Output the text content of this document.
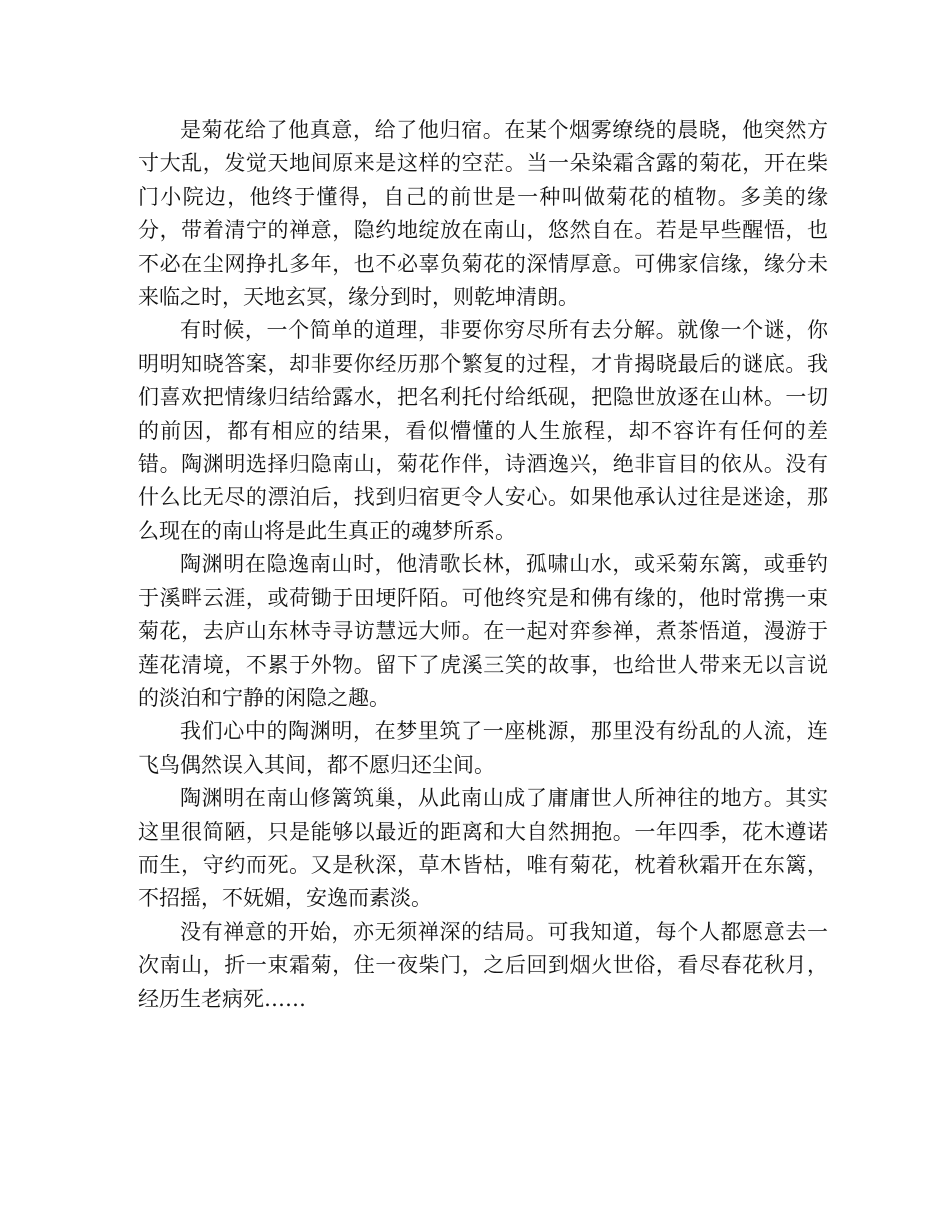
是菊花给了他真意，给了他归宿。在某个烟雾缭绕的晨晓，他突然方寸大乱，发觉天地间原来是这样的空茫。当一朵染霜含露的菊花，开在柴门小院边，他终于懂得，自己的前世是一种叫做菊花的植物。多美的缘分，带着清宁的禅意，隐约地绽放在南山，悠然自在。若是早些醒悟，也不必在尘网挣扎多年，也不必辜负菊花的深情厚意。可佛家信缘，缘分未来临之时，天地玄冥，缘分到时，则乾坤清朗。

有时候，一个简单的道理，非要你穷尽所有去分解。就像一个谜，你明明知晓答案，却非要你经历那个繁复的过程，才肯揭晓最后的谜底。我们喜欢把情缘归结给露水，把名利托付给纸砚，把隐世放逐在山林。一切的前因，都有相应的结果，看似懵懂的人生旅程，却不容许有任何的差错。陶渊明选择归隐南山，菊花作伴，诗酒逸兴，绝非盲目的依从。没有什么比无尽的漂泊后，找到归宿更令人安心。如果他承认过往是迷途，那么现在的南山将是此生真正的魂梦所系。

陶渊明在隐逸南山时，他清歌长林，孤啸山水，或采菊东篱，或垂钓于溪畔云涯，或荷锄于田埂阡陌。可他终究是和佛有缘的，他时常携一束菊花，去庐山东林寺寻访慧远大师。在一起对弈参禅，煮茶悟道，漫游于莲花清境，不累于外物。留下了虎溪三笑的故事，也给世人带来无以言说的淡泊和宁静的闲隐之趣。

我们心中的陶渊明，在梦里筑了一座桃源，那里没有纷乱的人流，连飞鸟偶然误入其间，都不愿归还尘间。

陶渊明在南山修篱筑巢，从此南山成了庸庸世人所神往的地方。其实这里很简陋，只是能够以最近的距离和大自然拥抱。一年四季，花木遵诺而生，守约而死。又是秋深，草木皆枯，唯有菊花，枕着秋霜开在东篱，不招摇，不妩媚，安逸而素淡。

没有禅意的开始，亦无须禅深的结局。可我知道，每个人都愿意去一次南山，折一束霜菊，住一夜柴门，之后回到烟火世俗，看尽春花秋月，经历生老病死……
